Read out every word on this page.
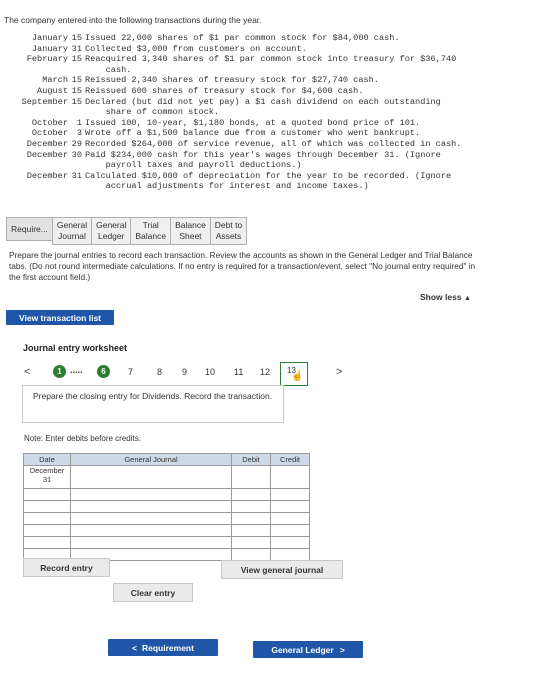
The company entered into the following transactions during the year.
January 15 Issued 22,000 shares of $1 par common stock for $84,000 cash.
January 31 Collected $3,000 from customers on account.
February 15 Reacquired 3,340 shares of $1 par common stock into treasury for $36,740
cash.
March 15 Reissued 2,340 shares of treasury stock for $27,740 cash.
August 15 Reissued 600 shares of treasury stock for $4,600 cash.
September 15 Declared (but did not yet pay) a $1 cash dividend on each outstanding
share of common stock.
October	1 Issued 100, 10-year, $1,180 bonds, at a quoted bond price of 101.
October	3 Wrote off a $1,500 balance due from a customer who went bankrupt.
December 29 Recorded $264,000 of service revenue, all of which was collected in cash.
December 30 Paid $234,000 cash for this year's wages through December 31. (Ignore
payroll taxes and payroll deductions.)
December 31 Calculated $10,000 of depreciation for the year to be recorded. (Ignore
accrual adjustments for interest and income taxes.)
Require... General
Journal
General
Ledger
Trial
Balance
Balance
Sheet
Debt to
Assets
Prepare the journal entries to record each transaction. Review the accounts as shown in the General Ledger and Trial Balance tabs. (Do not round intermediate calculations. If no entry is required for a transaction/event, select "No journal entry required" in the first account field.)
Show less ▲
View transaction list
Journal entry worksheet
<	1 .....	6	7	8 9 10 11 12 13
☝	>
Prepare the closing entry for Dividends. Record the transaction.
Note: Enter debits before credits.
Date	General Journal	Debit	Credit

December
31			

Record entry
Clear entry
View general journal
< Requirement	General Ledger >
